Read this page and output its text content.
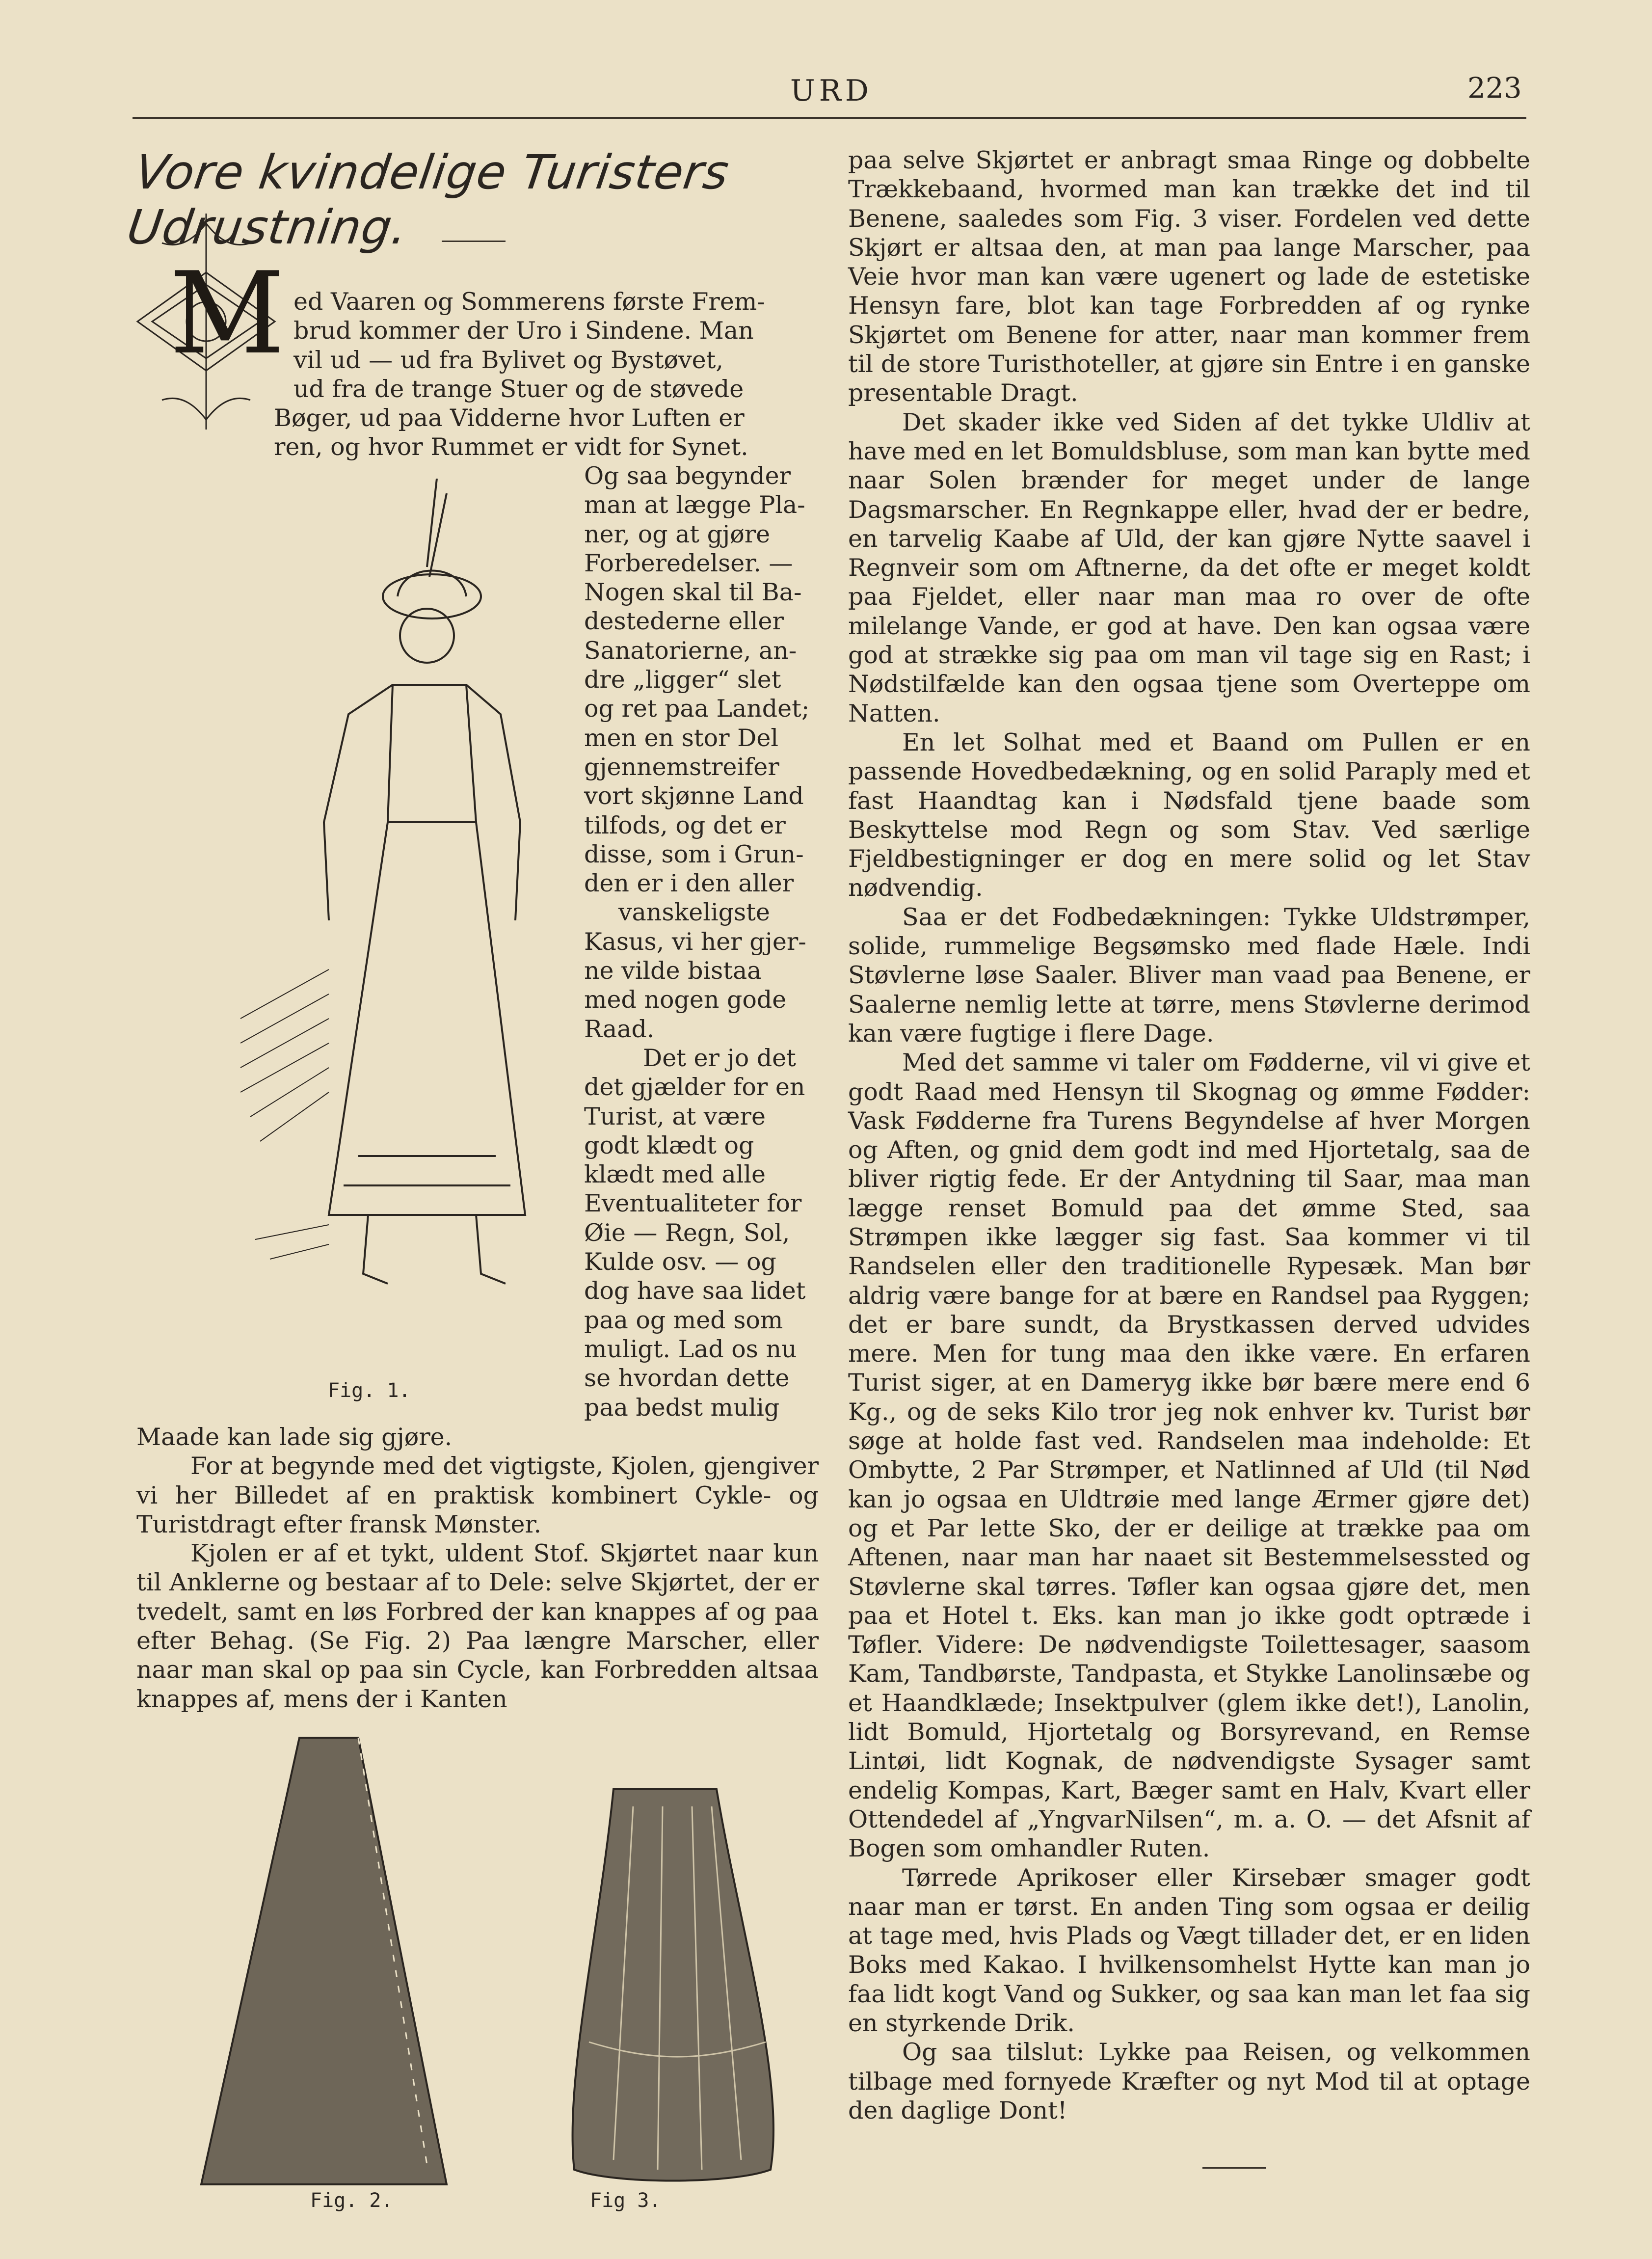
URD	223
Vore kvindelige Turisters Udrustning.
M ed Vaaren og Sommerens første Frem-
brud kommer der Uro i Sindene. Man
vil ud — ud fra Bylivet og Bystøvet,
ud fra de trange Stuer og de støvede
Bøger, ud paa Vidderne hvor Luften er
ren, og hvor Rummet er vidt for Synet.
Og saa begynder
man at lægge Pla-
ner, og at gjøre
Forberedelser. —
Nogen skal til Ba-
destederne eller
Sanatorierne, an-
dre „ligger“ slet
og ret paa Landet;
men en stor Del
gjennemstreifer
vort skjønne Land
tilfods, og det er
disse, som i Grun-
den er i den aller
vanskeligste
Kasus, vi her gjer-
ne vilde bistaa
med nogen gode
Raad.
Det er jo det
det gjælder for en
Turist, at være
godt klædt og
klædt med alle
Eventualiteter for
Øie — Regn, Sol,
Kulde osv. — og
dog have saa lidet
paa og med som
muligt. Lad os nu
se hvordan dette
paa bedst mulig
Fig. 1.

Maade kan lade sig gjøre.

For at begynde med det vigtigste, Kjolen, gjengiver vi her Billedet af en praktisk kombinert Cykle- og Turistdragt efter fransk Mønster.

Kjolen er af et tykt, uldent Stof. Skjørtet naar kun til Anklerne og bestaar af to Dele: selve Skjørtet, der er tvedelt, samt en løs Forbred der kan knappes af og paa efter Behag. (Se Fig. 2) Paa længre Marscher, eller naar man skal op paa sin Cycle, kan Forbredden altsaa knappes af, mens der i Kanten

Fig. 2.	Fig 3.

paa selve Skjørtet er anbragt smaa Ringe og dobbelte Trækkebaand, hvormed man kan trække det ind til Benene, saaledes som Fig. 3 viser. Fordelen ved dette Skjørt er altsaa den, at man paa lange Marscher, paa Veie hvor man kan være ugenert og lade de estetiske Hensyn fare, blot kan tage Forbredden af og rynke Skjørtet om Benene for atter, naar man kommer frem til de store Turisthoteller, at gjøre sin Entre i en ganske presentable Dragt.

Det skader ikke ved Siden af det tykke Uldliv at have med en let Bomuldsbluse, som man kan bytte med naar Solen brænder for meget under de lange Dagsmarscher. En Regnkappe eller, hvad der er bedre, en tarvelig Kaabe af Uld, der kan gjøre Nytte saavel i Regnveir som om Aftnerne, da det ofte er meget koldt paa Fjeldet, eller naar man maa ro over de ofte milelange Vande, er god at have. Den kan ogsaa være god at strække sig paa om man vil tage sig en Rast; i Nødstilfælde kan den ogsaa tjene som Overteppe om Natten.

En let Solhat med et Baand om Pullen er en passende Hovedbedækning, og en solid Paraply med et fast Haandtag kan i Nødsfald tjene baade som Beskyttelse mod Regn og som Stav. Ved særlige Fjeldbestigninger er dog en mere solid og let Stav nødvendig.

Saa er det Fodbedækningen: Tykke Uldstrømper, solide, rummelige Begsømsko med flade Hæle. Indi Støvlerne løse Saaler. Bliver man vaad paa Benene, er Saalerne nemlig lette at tørre, mens Støvlerne derimod kan være fugtige i flere Dage.

Med det samme vi taler om Fødderne, vil vi give et godt Raad med Hensyn til Skognag og ømme Fødder: Vask Fødderne fra Turens Begyndelse af hver Morgen og Aften, og gnid dem godt ind med Hjortetalg, saa de bliver rigtig fede. Er der Antydning til Saar, maa man lægge renset Bomuld paa det ømme Sted, saa Strømpen ikke lægger sig fast. Saa kommer vi til Randselen eller den traditionelle Rypesæk. Man bør aldrig være bange for at bære en Randsel paa Ryggen; det er bare sundt, da Brystkassen derved udvides mere. Men for tung maa den ikke være. En erfaren Turist siger, at en Dameryg ikke bør bære mere end 6 Kg., og de seks Kilo tror jeg nok enhver kv. Turist bør søge at holde fast ved. Randselen maa indeholde: Et Ombytte, 2 Par Strømper, et Natlinned af Uld (til Nød kan jo ogsaa en Uldtrøie med lange Ærmer gjøre det) og et Par lette Sko, der er deilige at trække paa om Aftenen, naar man har naaet sit Bestemmelsessted og Støvlerne skal tørres. Tøfler kan ogsaa gjøre det, men paa et Hotel t. Eks. kan man jo ikke godt optræde i Tøfler. Videre: De nødvendigste Toilettesager, saasom Kam, Tandbørste, Tandpasta, et Stykke Lanolinsæbe og et Haandklæde; Insektpulver (glem ikke det!), Lanolin, lidt Bomuld, Hjortetalg og Borsyrevand, en Remse Lintøi, lidt Kognak, de nødvendigste Sysager samt endelig Kompas, Kart, Bæger samt en Halv, Kvart eller Ottendedel af „YngvarNilsen“, m. a. O. — det Afsnit af Bogen som omhandler Ruten.

Tørrede Aprikoser eller Kirsebær smager godt naar man er tørst. En anden Ting som ogsaa er deilig at tage med, hvis Plads og Vægt tillader det, er en liden Boks med Kakao. I hvilkensomhelst Hytte kan man jo faa lidt kogt Vand og Sukker, og saa kan man let faa sig en styrkende Drik.

Og saa tilslut: Lykke paa Reisen, og velkommen tilbage med fornyede Kræfter og nyt Mod til at optage den daglige Dont!
